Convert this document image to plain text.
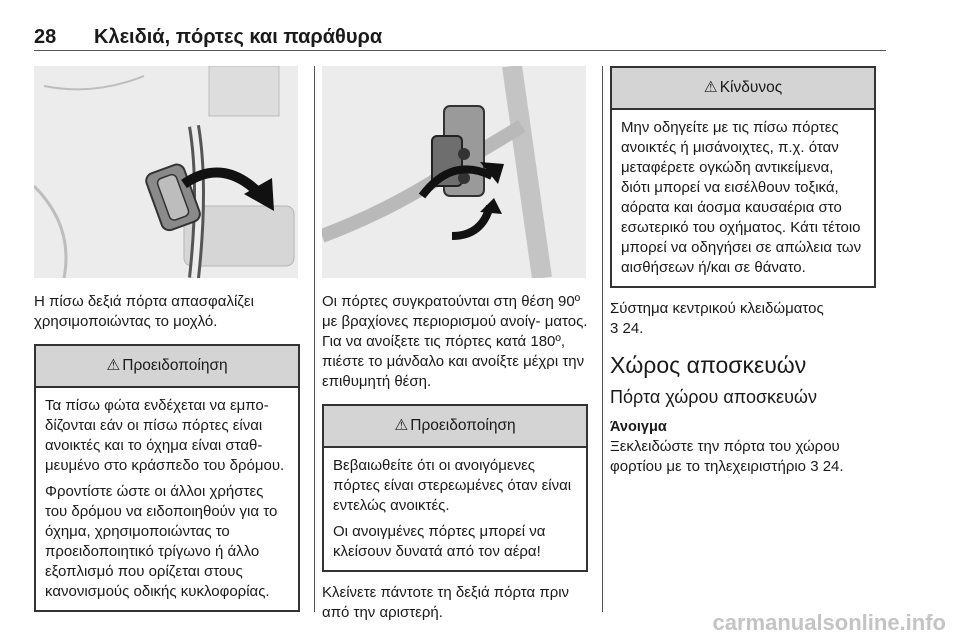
28 Κλειδιά, πόρτες και παράθυρα

Η πίσω δεξιά πόρτα απασφαλίζει χρησιμοποιώντας το μοχλό.

⚠ Προειδοποίηση

Τα πίσω φώτα ενδέχεται να εμπο- δίζονται εάν οι πίσω πόρτες είναι ανοικτές και το όχημα είναι σταθ- μευμένο στο κράσπεδο του δρόμου.

Φροντίστε ώστε οι άλλοι χρήστες του δρόμου να ειδοποιηθούν για το όχημα, χρησιμοποιώντας το προειδοποιητικό τρίγωνο ή άλλο εξοπλισμό που ορίζεται στους κανονισμούς οδικής κυκλοφορίας.

Οι πόρτες συγκρατούνται στη θέση 90º με βραχίονες περιορισμού ανοίγ- ματος. Για να ανοίξετε τις πόρτες κατά 180º, πιέστε το μάνδαλο και ανοίξτε μέχρι την επιθυμητή θέση.

⚠ Προειδοποίηση

Βεβαιωθείτε ότι οι ανοιγόμενες πόρτες είναι στερεωμένες όταν είναι εντελώς ανοικτές.

Οι ανοιγμένες πόρτες μπορεί να κλείσουν δυνατά από τον αέρα!

Κλείνετε πάντοτε τη δεξιά πόρτα πριν από την αριστερή.

⚠ Κίνδυνος

Μην οδηγείτε με τις πίσω πόρτες ανοικτές ή μισάνοιχτες, π.χ. όταν μεταφέρετε ογκώδη αντικείμενα, διότι μπορεί να εισέλθουν τοξικά, αόρατα και άοσμα καυσαέρια στο εσωτερικό του οχήματος. Κάτι τέτοιο μπορεί να οδηγήσει σε απώλεια των αισθήσεων ή/και σε θάνατο.

Σύστημα κεντρικού κλειδώματος

3 24.

Χώρος αποσκευών
Πόρτα χώρου αποσκευών
Άνοιγμα

Ξεκλειδώστε την πόρτα του χώρου φορτίου με το τηλεχειριστήριο 3 24.

carmanualsonline.info
